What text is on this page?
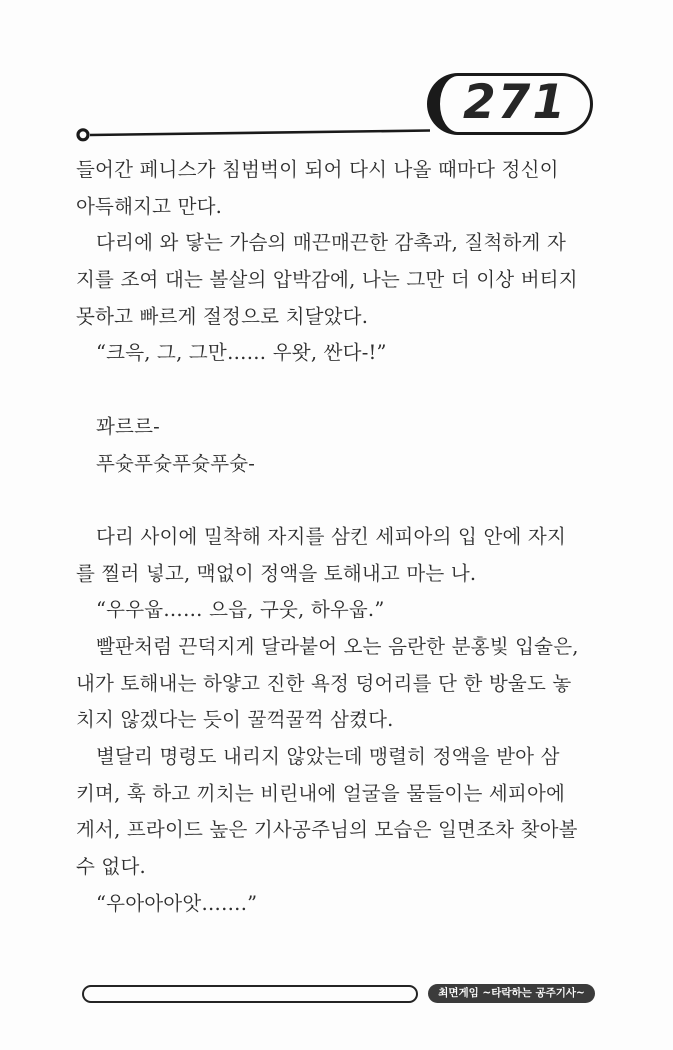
271
들어간 페니스가 침범벅이 되어 다시 나올 때마다 정신이
아득해지고 만다.
다리에 와 닿는 가슴의 매끈매끈한 감촉과, 질척하게 자
지를 조여 대는 볼살의 압박감에, 나는 그만 더 이상 버티지
못하고 빠르게 절정으로 치달았다.
“크윽, 그, 그만…… 우왓, 싼다-!”
꽈르르-
푸슛푸슛푸슛푸슛-
다리 사이에 밀착해 자지를 삼킨 세피아의 입 안에 자지
를 찔러 넣고, 맥없이 정액을 토해내고 마는 나.
“우우웁…… 으읍, 구웃, 하우웁.”
빨판처럼 끈덕지게 달라붙어 오는 음란한 분홍빛 입술은,
내가 토해내는 하얗고 진한 욕정 덩어리를 단 한 방울도 놓
치지 않겠다는 듯이 꿀꺽꿀꺽 삼켰다.
별달리 명령도 내리지 않았는데 맹렬히 정액을 받아 삼
키며, 훅 하고 끼치는 비린내에 얼굴을 물들이는 세피아에
게서, 프라이드 높은 기사공주님의 모습은 일면조차 찾아볼
수 없다.
“우아아아앗…….”
최면게임 ~타락하는 공주기사~
